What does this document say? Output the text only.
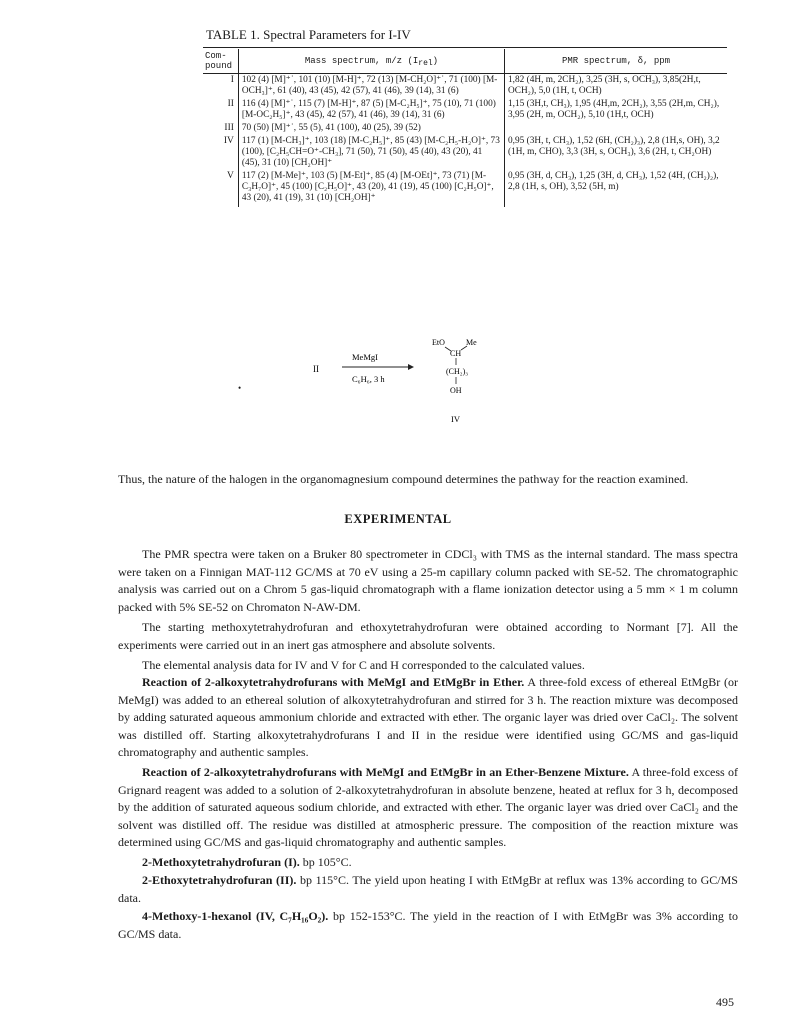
TABLE 1. Spectral Parameters for I-IV
Com-
pound	Mass spectrum, m/z $(I_{rel})$	PMR spectrum, δ, ppm
I	102 (4) [M]⁺˙, 101 (10) [M-H]⁺, 72 (13) [M-CH₂O]⁺˙, 71 (100) [M-OCH₃]⁺, 61 (40), 43 (45), 42 (57), 41 (46), 39 (14), 31 (6)	1,82 (4H, m, 2CH₂), 3,25 (3H, s, OCH₃), 3,85(2H,t, OCH₂), 5,0 (1H, t, OCH)
II	116 (4) [M]⁺˙, 115 (7) [M-H]⁺, 87 (5) [M-C₂H₅]⁺, 75 (10), 71 (100) [M-OC₂H₅]⁺, 43 (45), 42 (57), 41 (46), 39 (14), 31 (6)	1,15 (3H,t, CH₃), 1,95 (4H,m, 2CH₂), 3,55 (2H,m, CH₂), 3,95 (2H, m, OCH₂), 5,10 (1H,t, OCH)
III	70 (50) [M]⁺˙, 55 (5), 41 (100), 40 (25), 39 (52)	
IV	117 (1) [M-CH₃]⁺, 103 (18) [M-C₂H₅]⁺, 85 (43) [M-C₂H₅-H₂O]⁺, 73 (100), [C₂H₅CH=O⁺-CH₃], 71 (50), 71 (50), 45 (40), 43 (20), 41 (45), 31 (10) [CH₂OH]⁺	0,95 (3H, t, CH₃), 1,52 (6H, (CH₂)₃), 2,8 (1H,s, OH), 3,2 (1H, m, CHO), 3,3 (3H, s, OCH₃), 3,6 (2H, t, CH₂OH)
V	117 (2) [M-Me]⁺, 103 (5) [M-Et]⁺, 85 (4) [M-OEt]⁺, 73 (71) [M-C₃H₇O]⁺, 45 (100) [C₂H₅O]⁺, 43 (20), 41 (19), 45 (100) [C₂H₅O]⁺, 43 (20), 41 (19), 31 (10) [CH₂OH]⁺	0,95 (3H, d, CH₃), 1,25 (3H, d, CH₃), 1,52 (4H, (CH₂)₂), 2,8 (1H, s, OH), 3,52 (5H, m)
•
II
MeMgI
C₆H₆, 3 h
EtO
CH
Me
(CH₂)₃
OH
IV
Thus, the nature of the halogen in the organomagnesium compound determines the pathway for the reaction examined.
EXPERIMENTAL
The PMR spectra were taken on a Bruker 80 spectrometer in CDCl₃ with TMS as the internal standard. The mass spectra were taken on a Finnigan MAT-112 GC/MS at 70 eV using a 25-m capillary column packed with SE-52. The chromatographic analysis was carried out on a Chrom 5 gas-liquid chromatograph with a flame ionization detector using a 5 mm × 1 m column packed with 5% SE-52 on Chromaton N-AW-DM.
The starting methoxytetrahydrofuran and ethoxytetrahydrofuran were obtained according to Normant [7]. All the experiments were carried out in an inert gas atmosphere and absolute solvents.
The elemental analysis data for IV and V for C and H corresponded to the calculated values.
Reaction of 2-alkoxytetrahydrofurans with MeMgI and EtMgBr in Ether. A three-fold excess of ethereal EtMgBr (or MeMgI) was added to an ethereal solution of alkoxytetrahydrofuran and stirred for 3 h. The reaction mixture was decomposed by adding saturated aqueous ammonium chloride and extracted with ether. The organic layer was dried over CaCl₂. The solvent was distilled off. Starting alkoxytetrahydrofurans I and II in the residue were identified using GC/MS and gas-liquid chromatography and authentic samples.
Reaction of 2-alkoxytetrahydrofurans with MeMgI and EtMgBr in an Ether-Benzene Mixture. A three-fold excess of Grignard reagent was added to a solution of 2-alkoxytetrahydrofuran in absolute benzene, heated at reflux for 3 h, decomposed by the addition of saturated aqueous sodium chloride, and extracted with ether. The organic layer was dried over CaCl₂ and the solvent was distilled off. The residue was distilled at atmospheric pressure. The composition of the reaction mixture was determined using GC/MS and gas-liquid chromatography and authentic samples.
2-Methoxytetrahydrofuran (I). bp 105°C.
2-Ethoxytetrahydrofuran (II). bp 115°C. The yield upon heating I with EtMgBr at reflux was 13% according to GC/MS data.
4-Methoxy-1-hexanol (IV, C₇H₁₆O₂). bp 152-153°C. The yield in the reaction of I with EtMgBr was 3% according to GC/MS data.
495
